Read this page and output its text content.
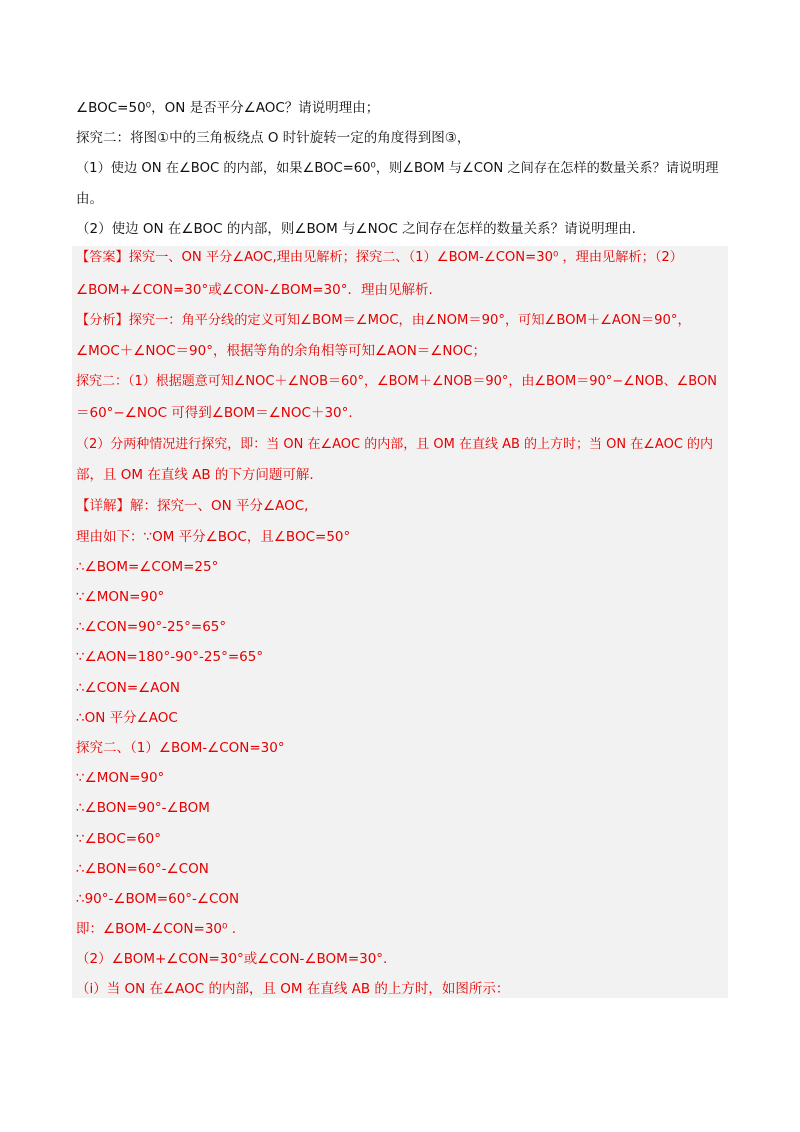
∠BOC=50⁰，ON 是否平分∠AOC？请说明理由；
探究二：将图①中的三角板绕点 O 时针旋转一定的角度得到图③，
（1）使边 ON 在∠BOC 的内部，如果∠BOC=60⁰，则∠BOM 与∠CON 之间存在怎样的数量关系？请说明理
由。
（2）使边 ON 在∠BOC 的内部，则∠BOM 与∠NOC 之间存在怎样的数量关系？请说明理由.
【答案】探究一、ON 平分∠AOC,理由见解析；探究二、（1）∠BOM-∠CON=30⁰ ，理由见解析；（2）
∠BOM+∠CON=30°或∠CON-∠BOM=30°．理由见解析.
【分析】探究一：角平分线的定义可知∠BOM＝∠MOC，由∠NOM＝90°，可知∠BOM＋∠AON＝90°，
∠MOC＋∠NOC＝90°，根据等角的余角相等可知∠AON＝∠NOC；
探究二：（1）根据题意可知∠NOC＋∠NOB＝60°，∠BOM＋∠NOB＝90°，由∠BOM＝90°−∠NOB、∠BON
＝60°−∠NOC 可得到∠BOM＝∠NOC＋30°.
（2）分两种情况进行探究，即：当 ON 在∠AOC 的内部，且 OM 在直线 AB 的上方时；当 ON 在∠AOC 的内
部，且 OM 在直线 AB 的下方问题可解.
【详解】解：探究一、ON 平分∠AOC,
理由如下：∵OM 平分∠BOC，且∠BOC=50°
∴∠BOM=∠COM=25°
∵∠MON=90°
∴∠CON=90°-25°=65°
∵∠AON=180°-90°-25°=65°
∴∠CON=∠AON
∴ON 平分∠AOC
探究二、（1）∠BOM-∠CON=30°
∵∠MON=90°
∴∠BON=90°-∠BOM
∵∠BOC=60°
∴∠BON=60°-∠CON
∴90°-∠BOM=60°-∠CON
即：∠BOM-∠CON=30⁰ .
（2）∠BOM+∠CON=30°或∠CON-∠BOM=30°.
（i）当 ON 在∠AOC 的内部，且 OM 在直线 AB 的上方时，如图所示：
